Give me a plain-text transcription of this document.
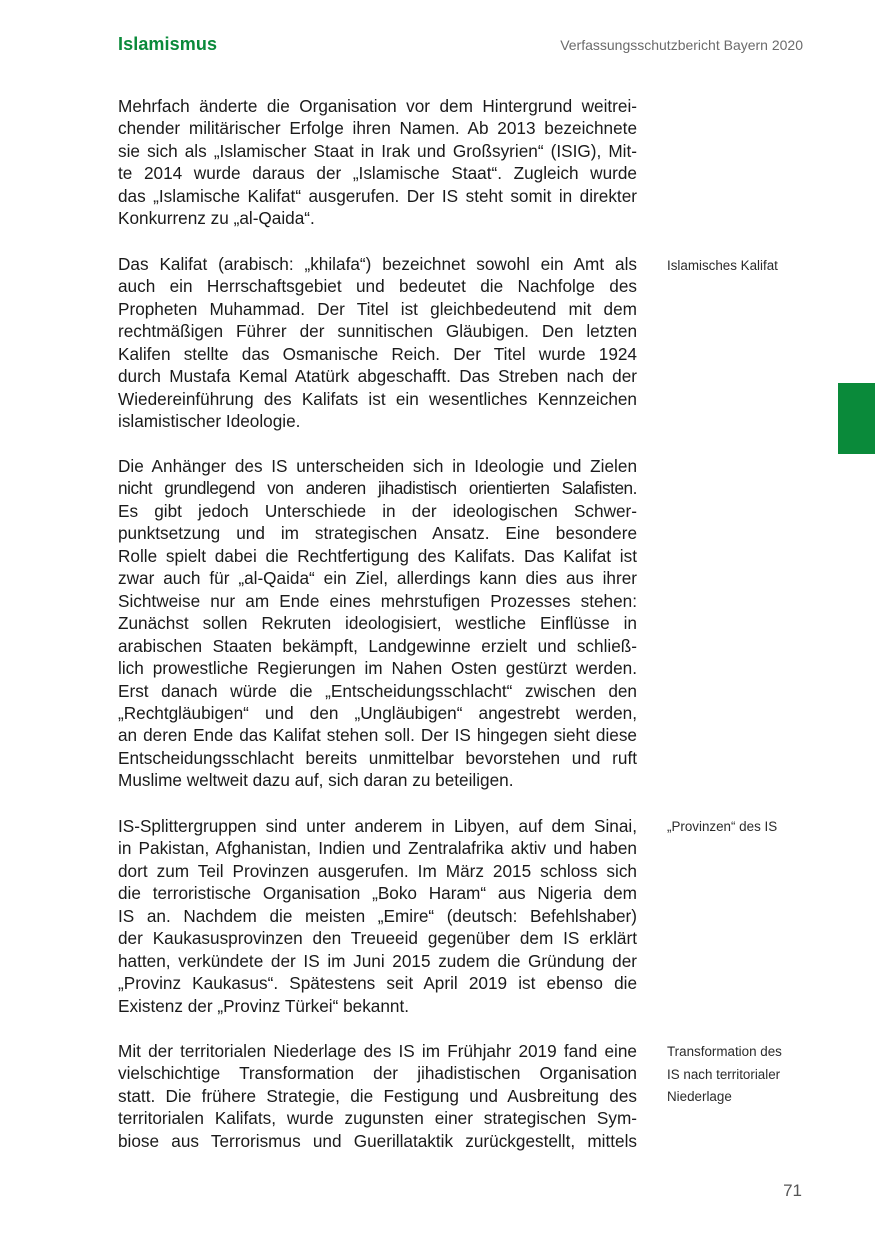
Islamismus	Verfassungsschutzbericht Bayern 2020
Mehrfach änderte die Organisation vor dem Hintergrund weitrei-
chender militärischer Erfolge ihren Namen. Ab 2013 bezeichnete
sie sich als „Islamischer Staat in Irak und Großsyrien“ (ISIG), Mit-
te 2014 wurde daraus der „Islamische Staat“. Zugleich wurde
das „Islamische Kalifat“ ausgerufen. Der IS steht somit in direkter
Konkurrenz zu „al-Qaida“.
Das Kalifat (arabisch: „khilafa“) bezeichnet sowohl ein Amt als
auch ein Herrschaftsgebiet und bedeutet die Nachfolge des
Propheten Muhammad. Der Titel ist gleichbedeutend mit dem
rechtmäßigen Führer der sunnitischen Gläubigen. Den letzten
Kalifen stellte das Osmanische Reich. Der Titel wurde 1924
durch Mustafa Kemal Atatürk abgeschafft. Das Streben nach der
Wiedereinführung des Kalifats ist ein wesentliches Kennzeichen
islamistischer Ideologie.
Islamisches Kalifat
Die Anhänger des IS unterscheiden sich in Ideologie und Zielen
nicht grundlegend von anderen jihadistisch orientierten Salafisten.
Es gibt jedoch Unterschiede in der ideologischen Schwer-
punktsetzung und im strategischen Ansatz. Eine besondere
Rolle spielt dabei die Rechtfertigung des Kalifats. Das Kalifat ist
zwar auch für „al-Qaida“ ein Ziel, allerdings kann dies aus ihrer
Sichtweise nur am Ende eines mehrstufigen Prozesses stehen:
Zunächst sollen Rekruten ideologisiert, westliche Einflüsse in
arabischen Staaten bekämpft, Landgewinne erzielt und schließ-
lich prowestliche Regierungen im Nahen Osten gestürzt werden.
Erst danach würde die „Entscheidungsschlacht“ zwischen den
„Rechtgläubigen“ und den „Ungläubigen“ angestrebt werden,
an deren Ende das Kalifat stehen soll. Der IS hingegen sieht diese
Entscheidungsschlacht bereits unmittelbar bevorstehen und ruft
Muslime weltweit dazu auf, sich daran zu beteiligen.
IS-Splittergruppen sind unter anderem in Libyen, auf dem Sinai,
in Pakistan, Afghanistan, Indien und Zentralafrika aktiv und haben
dort zum Teil Provinzen ausgerufen. Im März 2015 schloss sich
die terroristische Organisation „Boko Haram“ aus Nigeria dem
IS an. Nachdem die meisten „Emire“ (deutsch: Befehlshaber)
der Kaukasusprovinzen den Treueeid gegenüber dem IS erklärt
hatten, verkündete der IS im Juni 2015 zudem die Gründung der
„Provinz Kaukasus“. Spätestens seit April 2019 ist ebenso die
Existenz der „Provinz Türkei“ bekannt.
„Provinzen“ des IS
Mit der territorialen Niederlage des IS im Frühjahr 2019 fand eine
vielschichtige Transformation der jihadistischen Organisation
statt. Die frühere Strategie, die Festigung und Ausbreitung des
territorialen Kalifats, wurde zugunsten einer strategischen Sym-
biose aus Terrorismus und Guerillataktik zurückgestellt, mittels
Transformation des
IS nach territorialer
Niederlage
71
